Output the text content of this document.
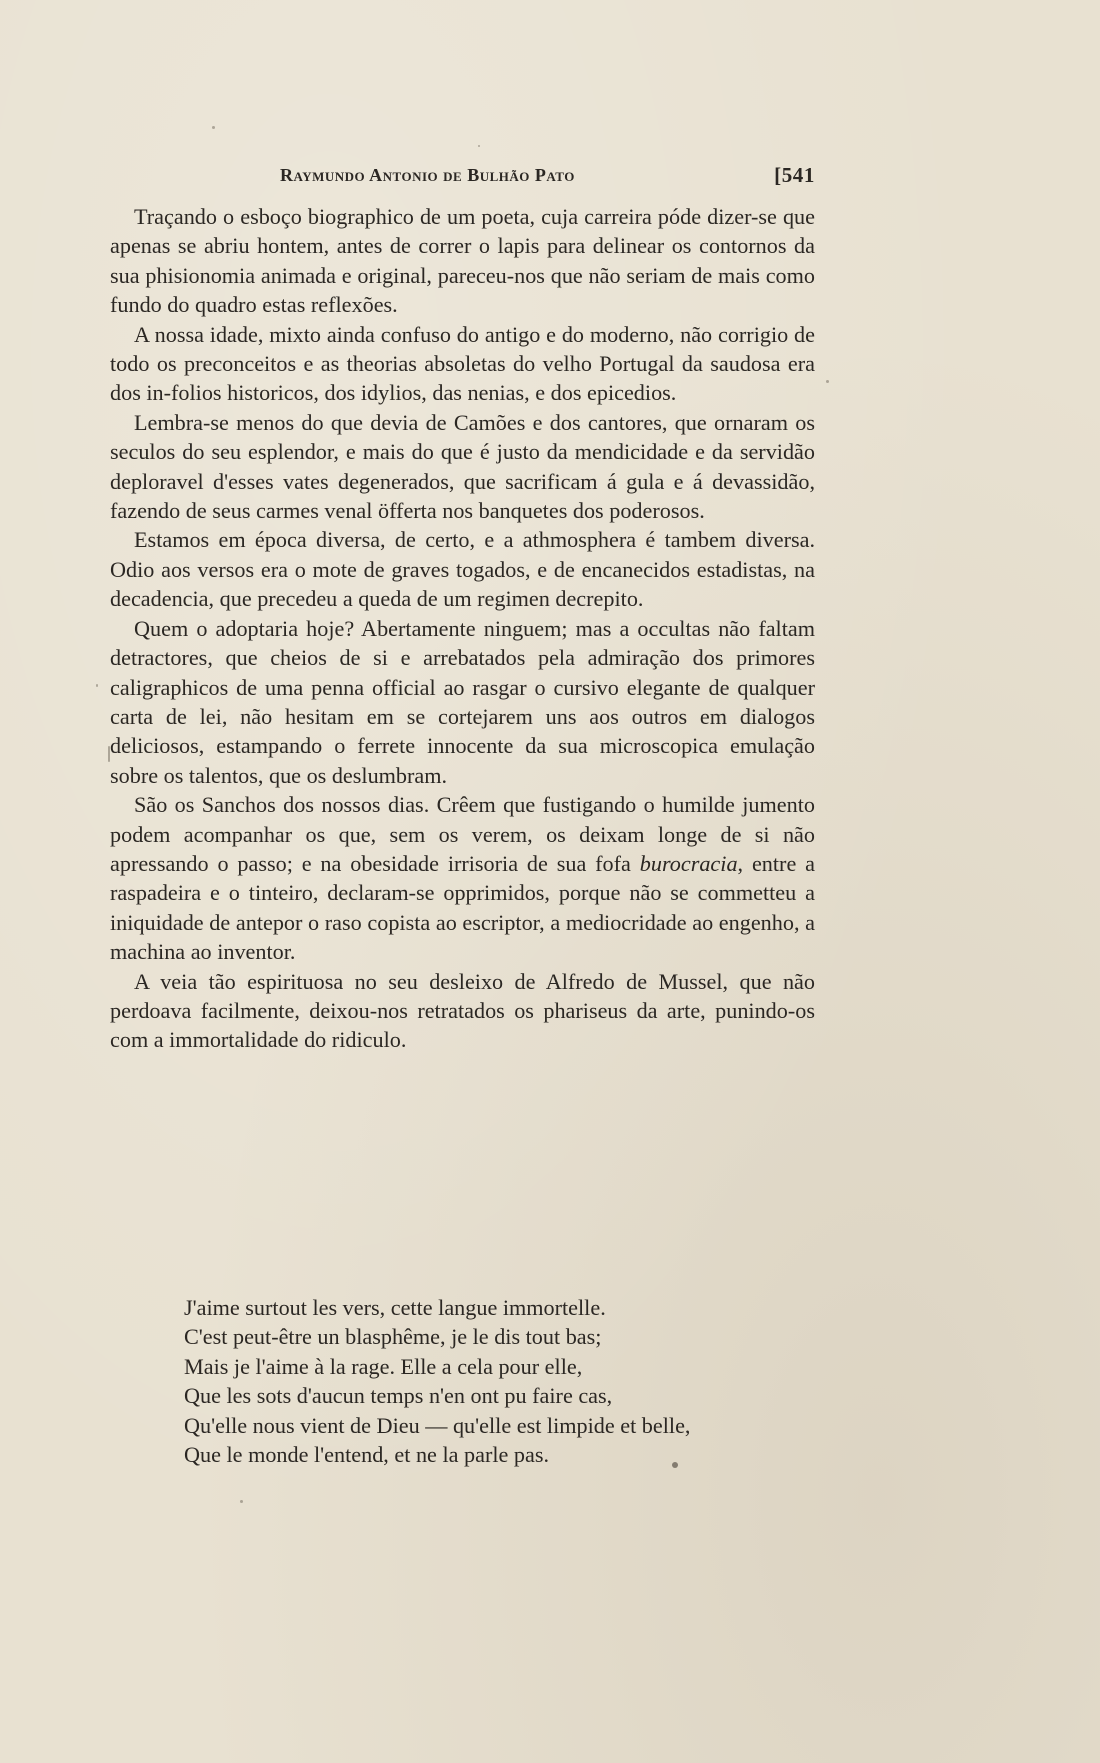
Raymundo Antonio de Bulhão Pato	[541

Traçando o esboço biographico de um poeta, cuja carreira póde dizer-se que apenas se abriu hontem, antes de correr o lapis para delinear os contornos da sua phisionomia animada e original, pareceu-nos que não seriam de mais como fundo do quadro estas reflexões.

A nossa idade, mixto ainda confuso do antigo e do moderno, não corrigio de todo os preconceitos e as theorias absoletas do velho Portugal da saudosa era dos in-folios historicos, dos idylios, das nenias, e dos epicedios.

Lembra-se menos do que devia de Camões e dos cantores, que ornaram os seculos do seu esplendor, e mais do que é justo da mendicidade e da servidão deploravel d'esses vates degenerados, que sacrificam á gula e á devassidão, fazendo de seus carmes venal öfferta nos banquetes dos poderosos.

Estamos em época diversa, de certo, e a athmosphera é tambem diversa. Odio aos versos era o mote de graves togados, e de encanecidos estadistas, na decadencia, que precedeu a queda de um regimen decrepito.

Quem o adoptaria hoje? Abertamente ninguem; mas a occultas não faltam detractores, que cheios de si e arrebatados pela admiração dos primores caligraphicos de uma penna official ao rasgar o cursivo elegante de qualquer carta de lei, não hesitam em se cortejarem uns aos outros em dialogos deliciosos, estampando o ferrete innocente da sua microscopica emulação sobre os talentos, que os deslumbram.

São os Sanchos dos nossos dias. Crêem que fustigando o humilde jumento podem acompanhar os que, sem os verem, os deixam longe de si não apressando o passo; e na obesidade irrisoria de sua fofa burocracia, entre a raspadeira e o tinteiro, declaram-se opprimidos, porque não se commetteu a iniquidade de antepor o raso copista ao escriptor, a mediocridade ao engenho, a machina ao inventor.

A veia tão espirituosa no seu desleixo de Alfredo de Mussel, que não perdoava facilmente, deixou-nos retratados os phariseus da arte, punindo-os com a immortalidade do ridiculo.

J'aime surtout les vers, cette langue immortelle.
C'est peut-être un blasphême, je le dis tout bas;
Mais je l'aime à la rage. Elle a cela pour elle,
Que les sots d'aucun temps n'en ont pu faire cas,
Qu'elle nous vient de Dieu — qu'elle est limpide et belle,
Que le monde l'entend, et ne la parle pas.
